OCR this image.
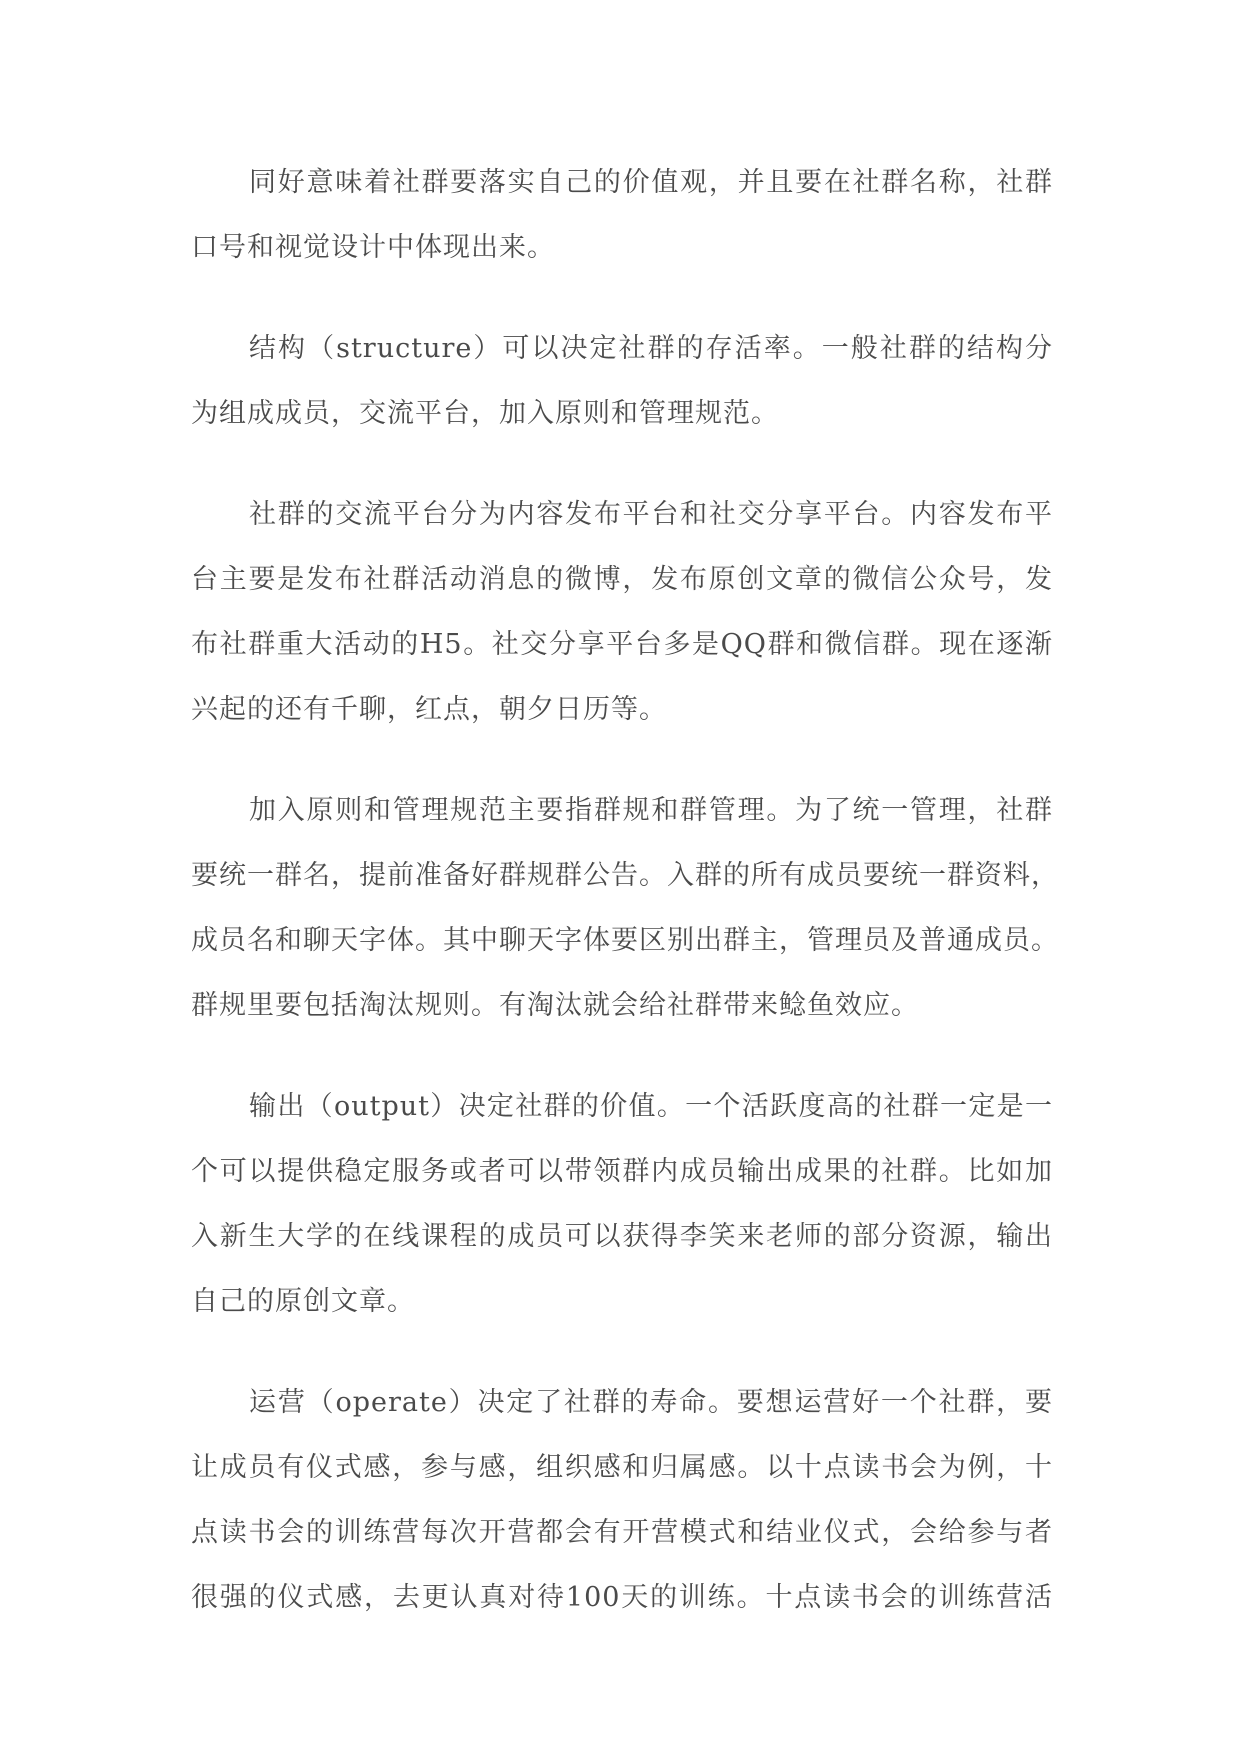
同好意味着社群要落实自己的价值观，并且要在社群名称，社群
口号和视觉设计中体现出来。
结构（structure）可以决定社群的存活率。一般社群的结构分
为组成成员，交流平台，加入原则和管理规范。
社群的交流平台分为内容发布平台和社交分享平台。内容发布平
台主要是发布社群活动消息的微博，发布原创文章的微信公众号，发
布社群重大活动的H5。社交分享平台多是QQ群和微信群。现在逐渐
兴起的还有千聊，红点，朝夕日历等。
加入原则和管理规范主要指群规和群管理。为了统一管理，社群
要统一群名，提前准备好群规群公告。入群的所有成员要统一群资料，
成员名和聊天字体。其中聊天字体要区别出群主，管理员及普通成员。
群规里要包括淘汰规则。有淘汰就会给社群带来鲶鱼效应。
输出（output）决定社群的价值。一个活跃度高的社群一定是一
个可以提供稳定服务或者可以带领群内成员输出成果的社群。比如加
入新生大学的在线课程的成员可以获得李笑来老师的部分资源，输出
自己的原创文章。
运营（operate）决定了社群的寿命。要想运营好一个社群，要
让成员有仪式感，参与感，组织感和归属感。以十点读书会为例，十
点读书会的训练营每次开营都会有开营模式和结业仪式，会给参与者
很强的仪式感，去更认真对待100天的训练。十点读书会的训练营活
